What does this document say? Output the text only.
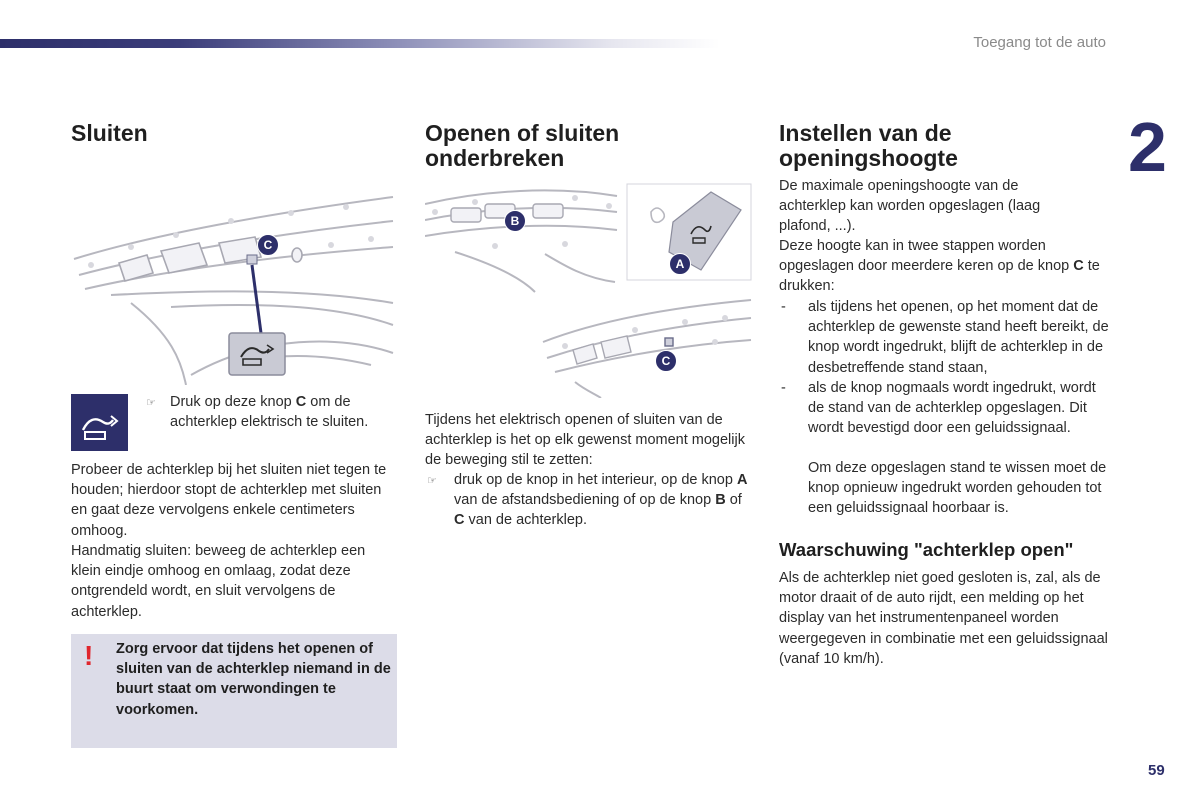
Toegang tot de auto
2
59
Sluiten
C
☞ Druk op deze knop C om de achterklep elektrisch te sluiten.

Probeer de achterklep bij het sluiten niet tegen te houden; hierdoor stopt de achterklep met sluiten en gaat deze vervolgens enkele centimeters omhoog.

Handmatig sluiten: beweeg de achterklep een klein eindje omhoog en omlaag, zodat deze ontgrendeld wordt, en sluit vervolgens de achterklep.

! Zorg ervoor dat tijdens het openen of sluiten van de achterklep niemand in de buurt staat om verwondingen te voorkomen.
Openen of sluiten
onderbreken
B
A
C

Tijdens het elektrisch openen of sluiten van de achterklep is het op elk gewenst moment mogelijk de beweging stil te zetten:

☞ druk op de knop in het interieur, op de knop A van de afstandsbediening of op de knop B of C van de achterklep.

Instellen van de
openingshoogte

De maximale openingshoogte van de achterklep kan worden opgeslagen (laag plafond, ...).

Deze hoogte kan in twee stappen worden opgeslagen door meerdere keren op de knop C te drukken:

- als tijdens het openen, op het moment dat de achterklep de gewenste stand heeft bereikt, de knop wordt ingedrukt, blijft de achterklep in de desbetreffende stand staan,
- als de knop nogmaals wordt ingedrukt, wordt de stand van de achterklep opgeslagen. Dit wordt bevestigd door een geluidssignaal.

Om deze opgeslagen stand te wissen moet de knop opnieuw ingedrukt worden gehouden tot een geluidssignaal hoorbaar is.

Waarschuwing "achterklep open"

Als de achterklep niet goed gesloten is, zal, als de motor draait of de auto rijdt, een melding op het display van het instrumentenpaneel worden weergegeven in combinatie met een geluidssignaal (vanaf 10 km/h).
